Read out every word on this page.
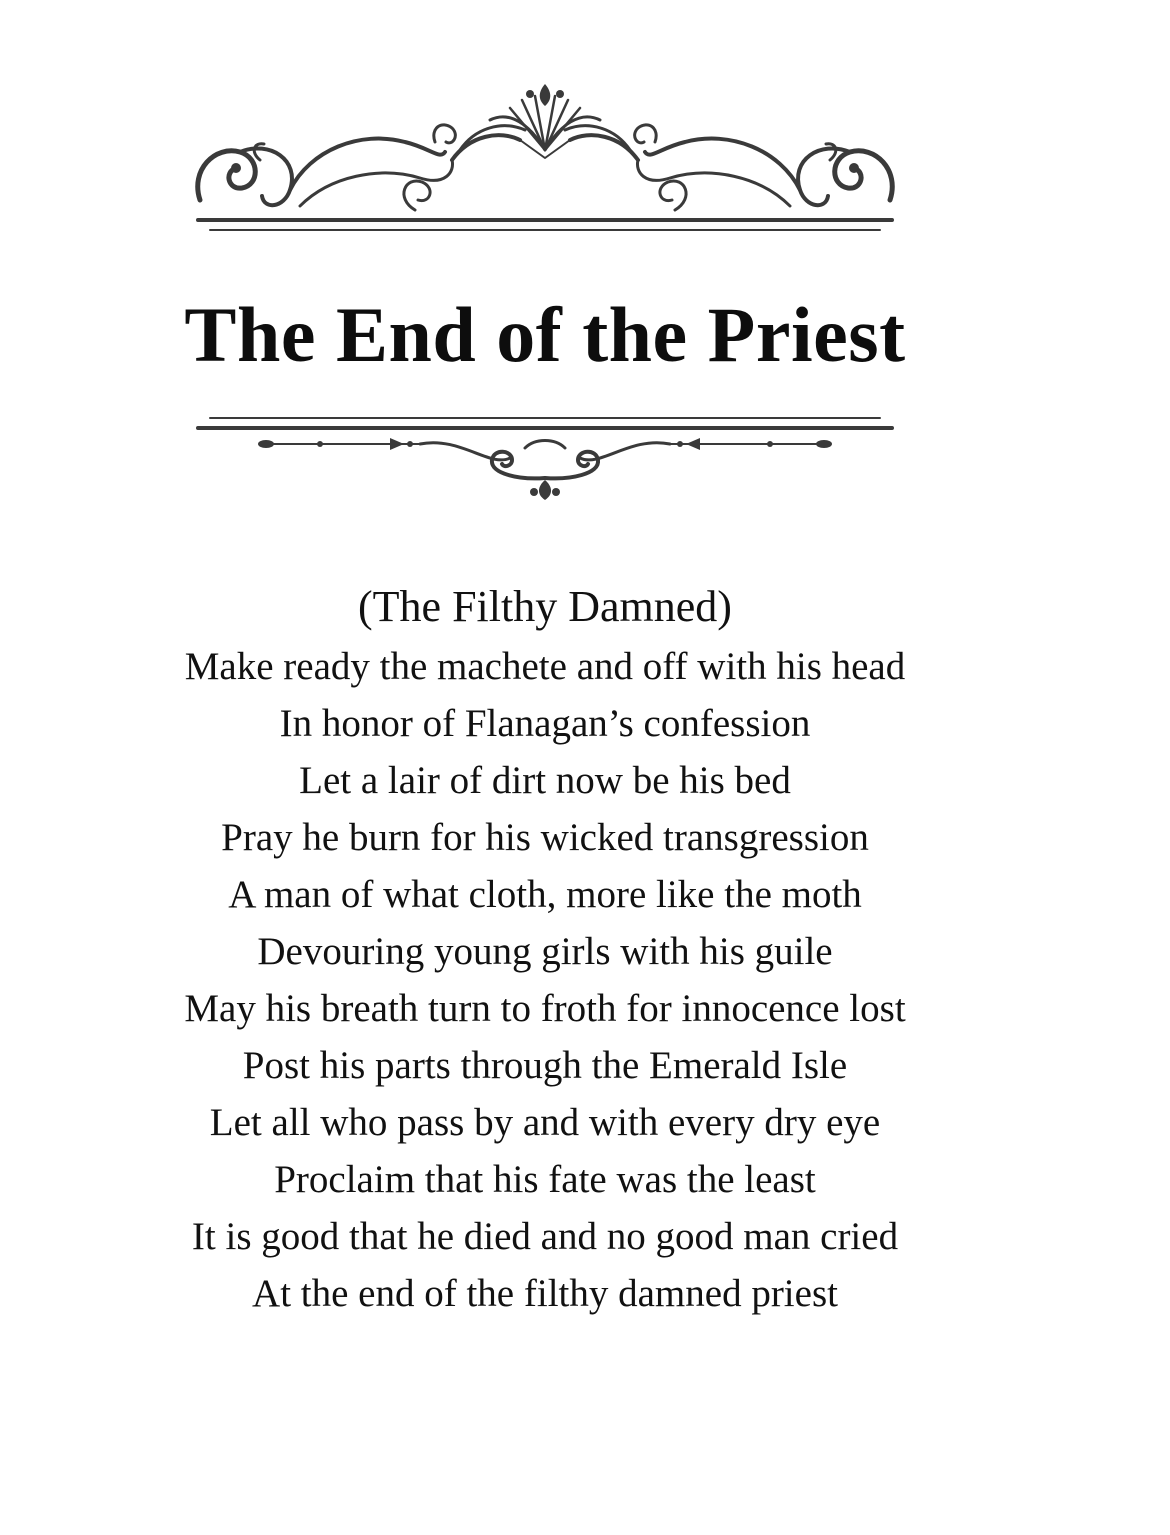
The End of the Priest
(The Filthy Damned)
Make ready the machete and off with his head
In honor of Flanagan’s confession
Let a lair of dirt now be his bed
Pray he burn for his wicked transgression
A man of what cloth, more like the moth
Devouring young girls with his guile
May his breath turn to froth for innocence lost
Post his parts through the Emerald Isle
Let all who pass by and with every dry eye
Proclaim that his fate was the least
It is good that he died and no good man cried
At the end of the filthy damned priest
